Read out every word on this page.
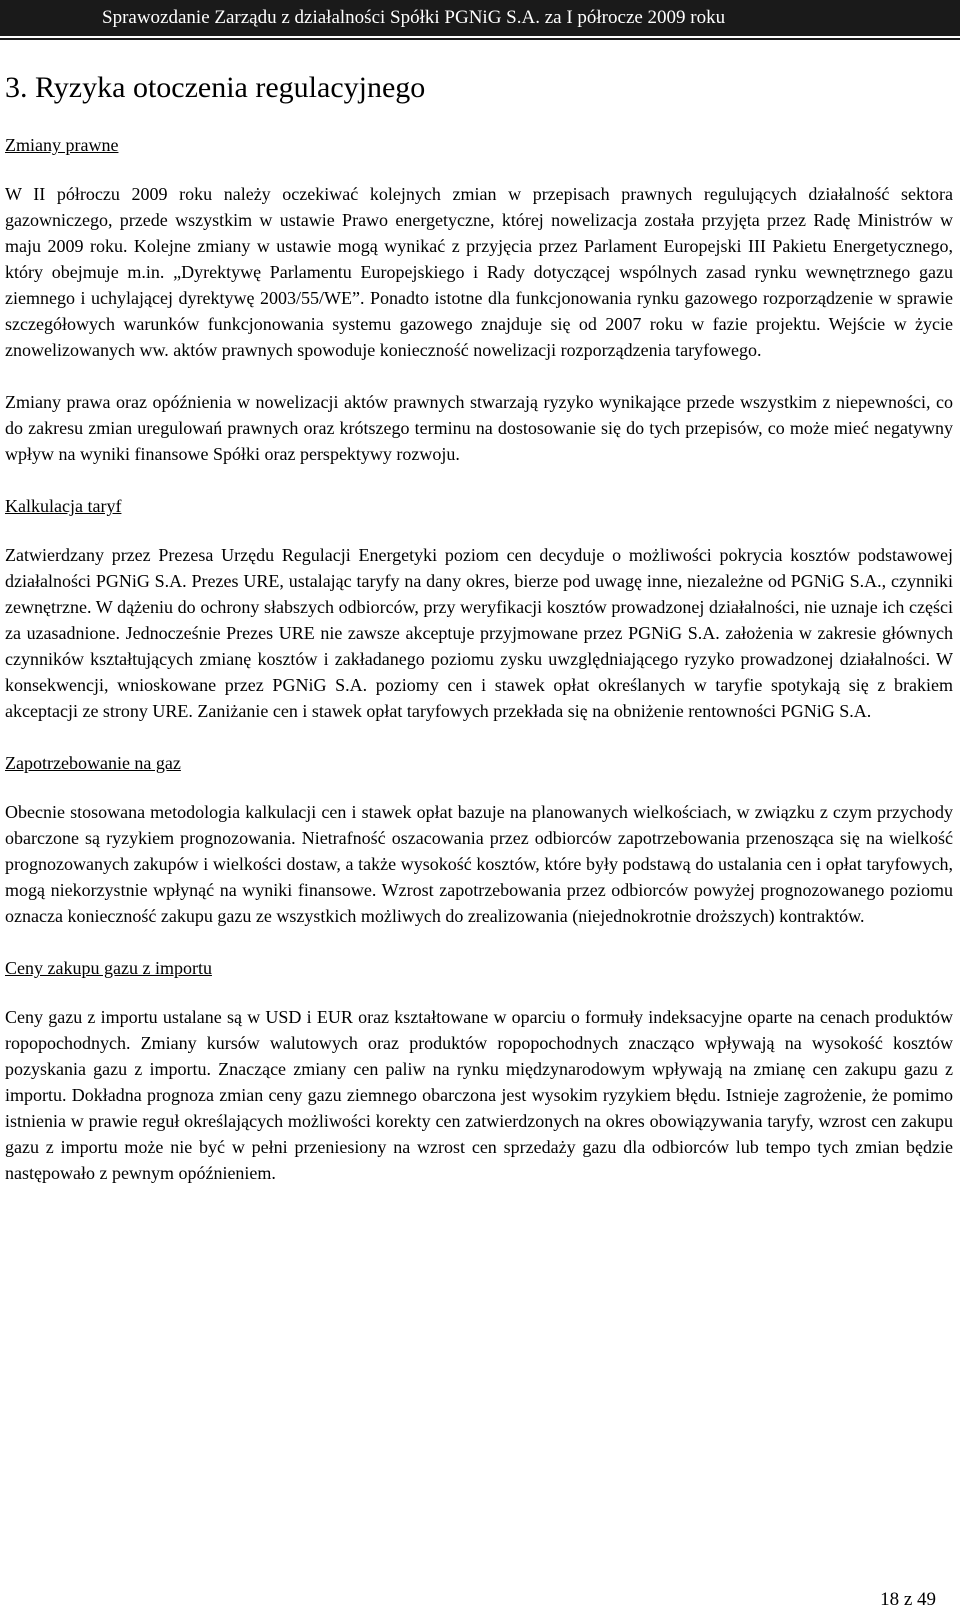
Sprawozdanie Zarządu z działalności Spółki PGNiG S.A. za I półrocze 2009 roku
3. Ryzyka otoczenia regulacyjnego
Zmiany prawne

W II półroczu 2009 roku należy oczekiwać kolejnych zmian w przepisach prawnych regulujących działalność sektora gazowniczego, przede wszystkim w ustawie Prawo energetyczne, której nowelizacja została przyjęta przez Radę Ministrów w maju 2009 roku. Kolejne zmiany w ustawie mogą wynikać z przyjęcia przez Parlament Europejski III Pakietu Energetycznego, który obejmuje m.in. „Dyrektywę Parlamentu Europejskiego i Rady dotyczącej wspólnych zasad rynku wewnętrznego gazu ziemnego i uchylającej dyrektywę 2003/55/WE”. Ponadto istotne dla funkcjonowania rynku gazowego rozporządzenie w sprawie szczegółowych warunków funkcjonowania systemu gazowego znajduje się od 2007 roku w fazie projektu. Wejście w życie znowelizowanych ww. aktów prawnych spowoduje konieczność nowelizacji rozporządzenia taryfowego.

Zmiany prawa oraz opóźnienia w nowelizacji aktów prawnych stwarzają ryzyko wynikające przede wszystkim z niepewności, co do zakresu zmian uregulowań prawnych oraz krótszego terminu na dostosowanie się do tych przepisów, co może mieć negatywny wpływ na wyniki finansowe Spółki oraz perspektywy rozwoju.

Kalkulacja taryf

Zatwierdzany przez Prezesa Urzędu Regulacji Energetyki poziom cen decyduje o możliwości pokrycia kosztów podstawowej działalności PGNiG S.A. Prezes URE, ustalając taryfy na dany okres, bierze pod uwagę inne, niezależne od PGNiG S.A., czynniki zewnętrzne. W dążeniu do ochrony słabszych odbiorców, przy weryfikacji kosztów prowadzonej działalności, nie uznaje ich części za uzasadnione. Jednocześnie Prezes URE nie zawsze akceptuje przyjmowane przez PGNiG S.A. założenia w zakresie głównych czynników kształtujących zmianę kosztów i zakładanego poziomu zysku uwzględniającego ryzyko prowadzonej działalności. W konsekwencji, wnioskowane przez PGNiG S.A. poziomy cen i stawek opłat określanych w taryfie spotykają się z brakiem akceptacji ze strony URE. Zaniżanie cen i stawek opłat taryfowych przekłada się na obniżenie rentowności PGNiG S.A.

Zapotrzebowanie na gaz

Obecnie stosowana metodologia kalkulacji cen i stawek opłat bazuje na planowanych wielkościach, w związku z czym przychody obarczone są ryzykiem prognozowania. Nietrafność oszacowania przez odbiorców zapotrzebowania przenosząca się na wielkość prognozowanych zakupów i wielkości dostaw, a także wysokość kosztów, które były podstawą do ustalania cen i opłat taryfowych, mogą niekorzystnie wpłynąć na wyniki finansowe. Wzrost zapotrzebowania przez odbiorców powyżej prognozowanego poziomu oznacza konieczność zakupu gazu ze wszystkich możliwych do zrealizowania (niejednokrotnie droższych) kontraktów.

Ceny zakupu gazu z importu

Ceny gazu z importu ustalane są w USD i EUR oraz kształtowane w oparciu o formuły indeksacyjne oparte na cenach produktów ropopochodnych. Zmiany kursów walutowych oraz produktów ropopochodnych znacząco wpływają na wysokość kosztów pozyskania gazu z importu. Znaczące zmiany cen paliw na rynku międzynarodowym wpływają na zmianę cen zakupu gazu z importu. Dokładna prognoza zmian ceny gazu ziemnego obarczona jest wysokim ryzykiem błędu. Istnieje zagrożenie, że pomimo istnienia w prawie reguł określających możliwości korekty cen zatwierdzonych na okres obowiązywania taryfy, wzrost cen zakupu gazu z importu może nie być w pełni przeniesiony na wzrost cen sprzedaży gazu dla odbiorców lub tempo tych zmian będzie następowało z pewnym opóźnieniem.

18 z 49
